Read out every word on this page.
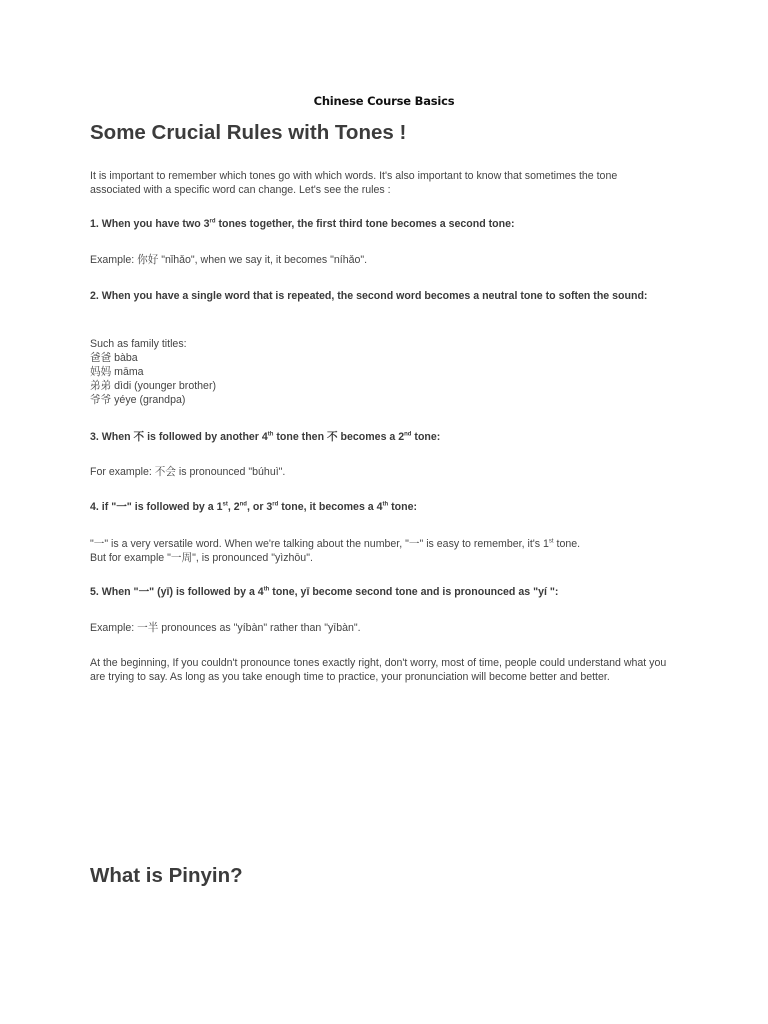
Chinese Course Basics
Some Crucial Rules with Tones !
It is important to remember which tones go with which words. It's also important to know that sometimes the tone associated with a specific word can change. Let's see the rules :
1. When you have two 3rd tones together, the first third tone becomes a second tone:
Example: 你好 "nǐhǎo", when we say it, it becomes "níhǎo".
2. When you have a single word that is repeated, the second word becomes a neutral tone to soften the sound:
Such as family titles:
爸爸 bàba
妈妈 māma
弟弟 dìdi (younger brother)
爷爷 yéye (grandpa)
3. When 不 is followed by another 4th tone then 不 becomes a 2nd tone:
For example: 不会 is pronounced "búhuì".
4. if "一" is followed by a 1st, 2nd, or 3rd tone, it becomes a 4th tone:
"一" is a very versatile word. When we're talking about the number, "一" is easy to remember, it's 1st tone.
But for example "一周", is pronounced "yìzhōu".
5. When "一" (yī) is followed by a 4th tone, yī become second tone and is pronounced as "yí ":
Example: 一半 pronounces as "yíbàn" rather than "yībàn".
At the beginning, If you couldn't pronounce tones exactly right, don't worry, most of time, people could understand what you are trying to say. As long as you take enough time to practice, your pronunciation will become better and better.
What is Pinyin?
